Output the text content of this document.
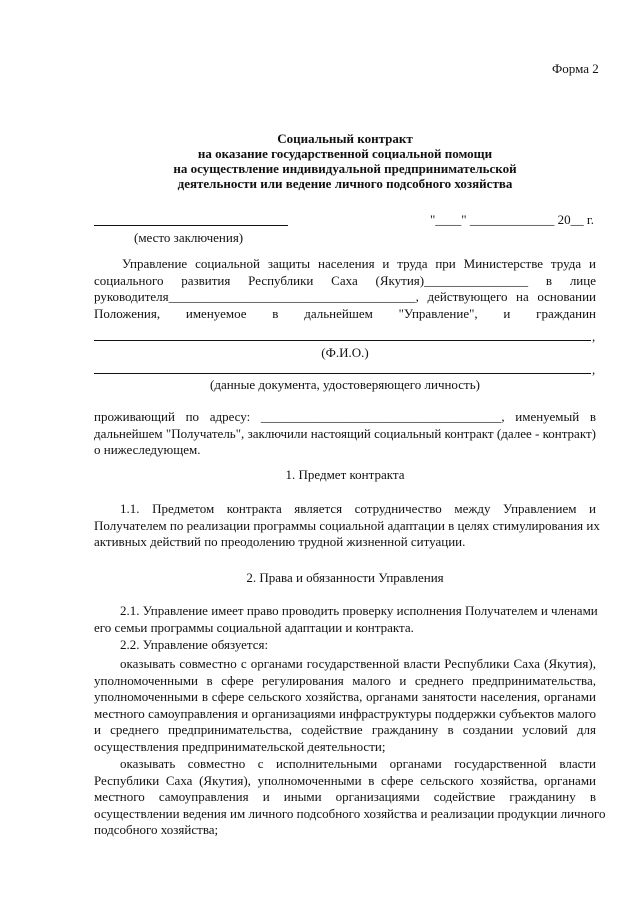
Форма 2
Социальный контракт
на оказание государственной социальной помощи
на осуществление индивидуальной предпринимательской
деятельности или ведение личного подсобного хозяйства
"____" _____________ 20__ г.
(место заключения)
Управление социальной защиты населения и труда при Министерстве труда и
социального развития Республики Саха (Якутия)________________ в лице
руководителя______________________________________, действующего на основании
Положения, именуемое в дальнейшем "Управление", и гражданин
,
(Ф.И.О.)
,
(данные документа, удостоверяющего личность)
проживающий по адресу: _____________________________________, именуемый в
дальнейшем "Получатель", заключили настоящий социальный контракт (далее - контракт)
о нижеследующем.
1. Предмет контракта
1.1. Предметом контракта является сотрудничество между Управлением и
Получателем по реализации программы социальной адаптации в целях стимулирования их
активных действий по преодолению трудной жизненной ситуации.
2. Права и обязанности Управления
2.1. Управление имеет право проводить проверку исполнения Получателем и членами
его семьи программы социальной адаптации и контракта.
2.2. Управление обязуется:
оказывать совместно с органами государственной власти Республики Саха (Якутия),
уполномоченными в сфере регулирования малого и среднего предпринимательства,
уполномоченными в сфере сельского хозяйства, органами занятости населения, органами
местного самоуправления и организациями инфраструктуры поддержки субъектов малого
и среднего предпринимательства, содействие гражданину в создании условий для
осуществления предпринимательской деятельности;
оказывать совместно с исполнительными органами государственной власти
Республики Саха (Якутия), уполномоченными в сфере сельского хозяйства, органами
местного самоуправления и иными организациями содействие гражданину в
осуществлении ведения им личного подсобного хозяйства и реализации продукции личного
подсобного хозяйства;
